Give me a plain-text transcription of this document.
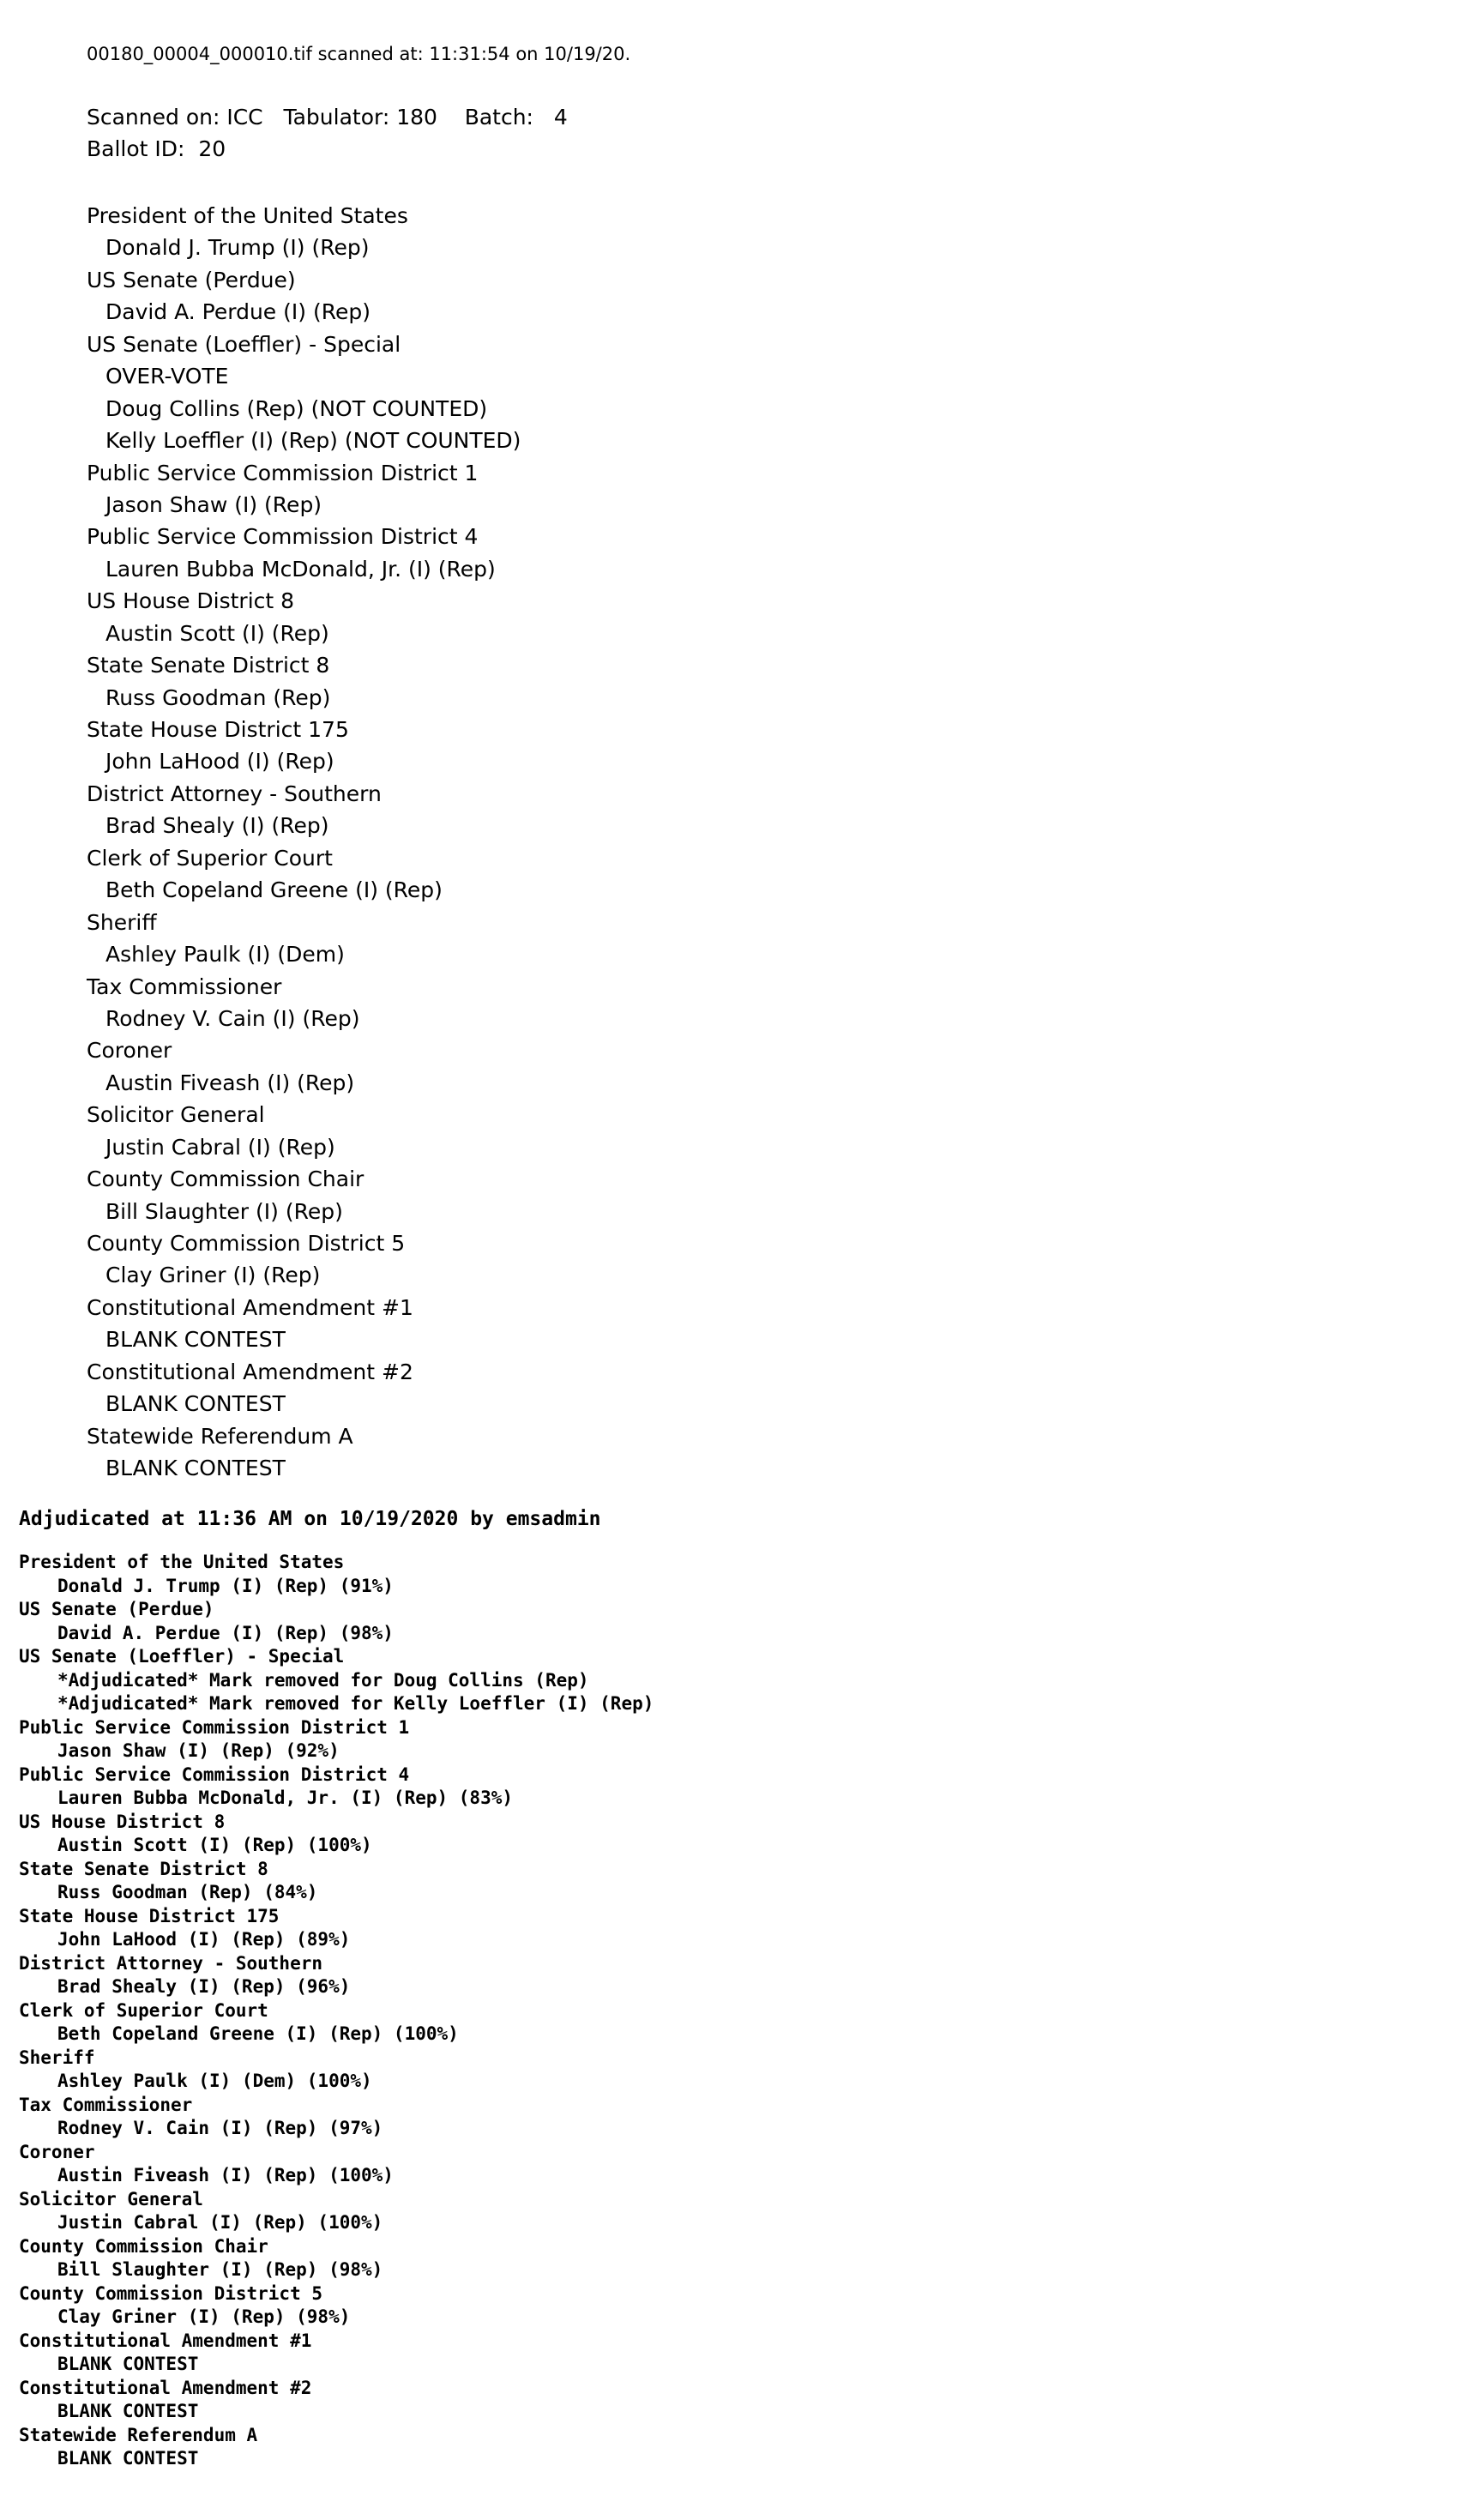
00180_00004_000010.tif scanned at: 11:31:54 on 10/19/20.
Scanned on: ICC   Tabulator: 180    Batch:   4
Ballot ID:  20
President of the United States
Donald J. Trump (I) (Rep)
US Senate (Perdue)
David A. Perdue (I) (Rep)
US Senate (Loeffler) - Special
OVER-VOTE
Doug Collins (Rep) (NOT COUNTED)
Kelly Loeffler (I) (Rep) (NOT COUNTED)
Public Service Commission District 1
Jason Shaw (I) (Rep)
Public Service Commission District 4
Lauren Bubba McDonald, Jr. (I) (Rep)
US House District 8
Austin Scott (I) (Rep)
State Senate District 8
Russ Goodman (Rep)
State House District 175
John LaHood (I) (Rep)
District Attorney - Southern
Brad Shealy (I) (Rep)
Clerk of Superior Court
Beth Copeland Greene (I) (Rep)
Sheriff
Ashley Paulk (I) (Dem)
Tax Commissioner
Rodney V. Cain (I) (Rep)
Coroner
Austin Fiveash (I) (Rep)
Solicitor General
Justin Cabral (I) (Rep)
County Commission Chair
Bill Slaughter (I) (Rep)
County Commission District 5
Clay Griner (I) (Rep)
Constitutional Amendment #1
BLANK CONTEST
Constitutional Amendment #2
BLANK CONTEST
Statewide Referendum A
BLANK CONTEST
Adjudicated at 11:36 AM on 10/19/2020 by emsadmin
President of the United States
Donald J. Trump (I) (Rep) (91%)
US Senate (Perdue)
David A. Perdue (I) (Rep) (98%)
US Senate (Loeffler) - Special
*Adjudicated* Mark removed for Doug Collins (Rep)
*Adjudicated* Mark removed for Kelly Loeffler (I) (Rep)
Public Service Commission District 1
Jason Shaw (I) (Rep) (92%)
Public Service Commission District 4
Lauren Bubba McDonald, Jr. (I) (Rep) (83%)
US House District 8
Austin Scott (I) (Rep) (100%)
State Senate District 8
Russ Goodman (Rep) (84%)
State House District 175
John LaHood (I) (Rep) (89%)
District Attorney - Southern
Brad Shealy (I) (Rep) (96%)
Clerk of Superior Court
Beth Copeland Greene (I) (Rep) (100%)
Sheriff
Ashley Paulk (I) (Dem) (100%)
Tax Commissioner
Rodney V. Cain (I) (Rep) (97%)
Coroner
Austin Fiveash (I) (Rep) (100%)
Solicitor General
Justin Cabral (I) (Rep) (100%)
County Commission Chair
Bill Slaughter (I) (Rep) (98%)
County Commission District 5
Clay Griner (I) (Rep) (98%)
Constitutional Amendment #1
BLANK CONTEST
Constitutional Amendment #2
BLANK CONTEST
Statewide Referendum A
BLANK CONTEST
